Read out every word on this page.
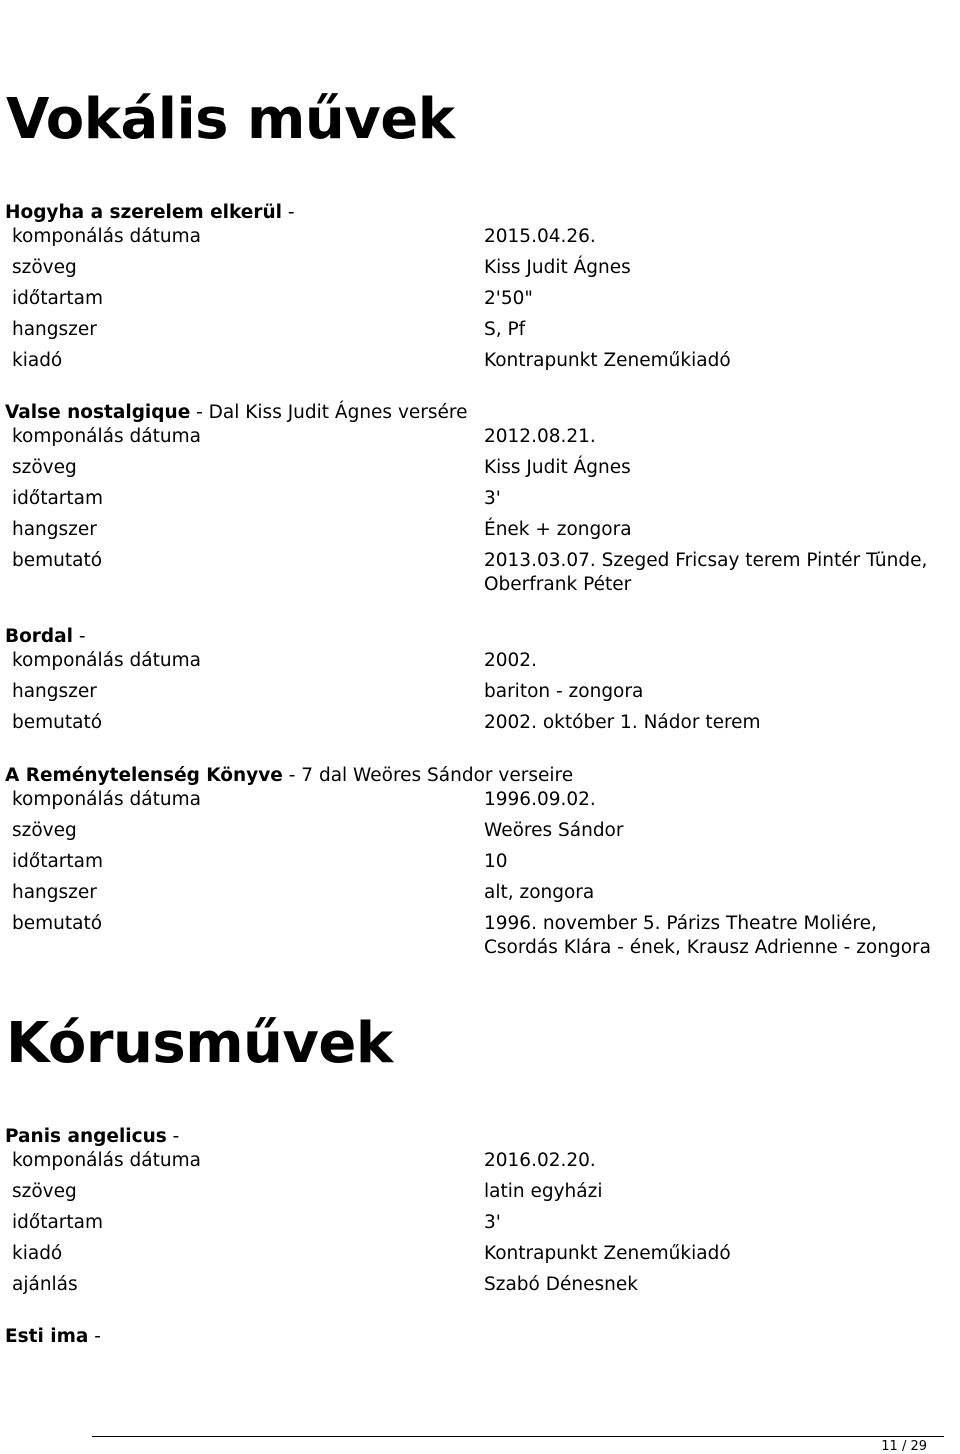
Vokális művek
Hogyha a szerelem elkerül -
komponálás dátuma	2015.04.26.
szöveg	Kiss Judit Ágnes
időtartam	2'50"
hangszer	S, Pf
kiadó	Kontrapunkt Zeneműkiadó
Valse nostalgique - Dal Kiss Judit Ágnes versére
komponálás dátuma	2012.08.21.
szöveg	Kiss Judit Ágnes
időtartam	3'
hangszer	Ének + zongora
bemutató	2013.03.07. Szeged Fricsay terem Pintér Tünde, Oberfrank Péter
Bordal -
komponálás dátuma	2002.
hangszer	bariton - zongora
bemutató	2002. október 1. Nádor terem
A Reménytelenség Könyve - 7 dal Weöres Sándor verseire
komponálás dátuma	1996.09.02.
szöveg	Weöres Sándor
időtartam	10
hangszer	alt, zongora
bemutató	1996. november 5. Párizs Theatre Moliére, Csordás Klára - ének, Krausz Adrienne - zongora
Kórusművek
Panis angelicus -
komponálás dátuma	2016.02.20.
szöveg	latin egyházi
időtartam	3'
kiadó	Kontrapunkt Zeneműkiadó
ajánlás	Szabó Dénesnek
Esti ima -
11 / 29
